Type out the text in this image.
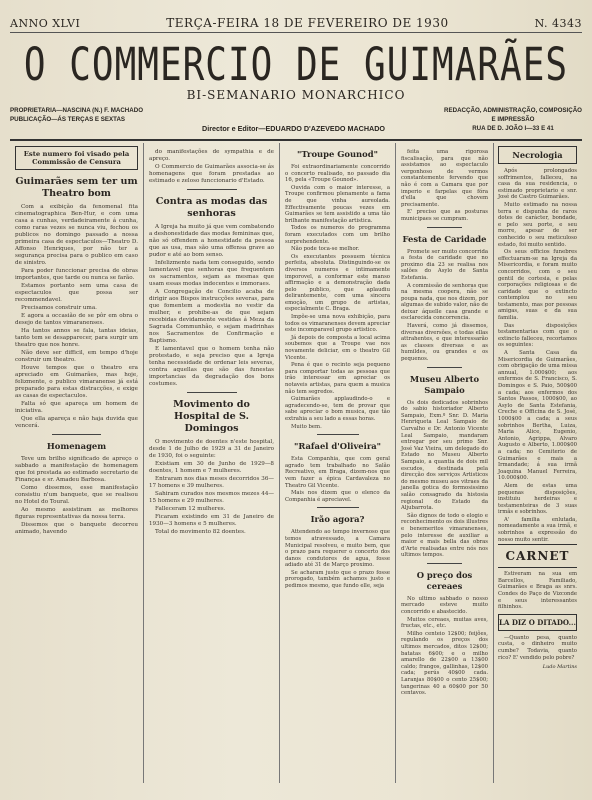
ANNO XLVI	TERÇA-FEIRA 18 DE FEVEREIRO DE 1930	N. 4343
O COMMERCIO DE GUIMARÃES
BI-SEMANARIO MONARCHICO
PROPRIETARIA—NASCINA (N.) F. MACHADO
PUBLICAÇÃO—ÁS TERÇAS E SEXTAS
Director e Editor—EDUARDO D'AZEVEDO MACHADO
REDACÇÃO, ADMINISTRAÇÃO, COMPOSIÇÃO
E IMPRESSÃO
RUA DE D. JOÃO I—33 E 41
Este numero foi visado pela Commissão de Censura
Guimarães sem ter um Theatro bom

Com a exibição da fenomenal fita cinematographica Ben-Hur, e com uma casa a cunhas, verdadeiramente á cunha, como raras vezes se nunca viu, fechou os publicos no domingo passado a nossa primeira casa de espectaculos—Theatro D. Affonso Henriques, por não ter a segurança precisa para o publico em caso de sinistro.

Para poder funccionar precisa de obras importantes, que tarde ou nunca se farão.

Estamos portanto sem uma casa de espectaculos que possa ser recommendavel.

Precisamos construir uma.

E agora a occasião de se pôr em obra o desejo de tantos vimaranenses.

Ha tantos annos se fala, tantas ideias, tanto tem se desapparecer, para surgir um theatro que nos honre.

Não deve ser difficil, em tempo d'hoje construir um theatro.

Houve tempos que o theatro era apreciado em Guimarães, mas hoje, felizmente, o publico vimaranense já está preparado para estas distracções, e exige as casas de espectaculos.

Falta só que apareça um homem de iniciativa.

Que ella apareça e não haja duvida que vencerá.

Homenagem

Teve um brilho significado de apreço o sabbado a manifestação de homenagem que foi prestada ao estimado secretario de Finanças e sr. Amadeu Barbosa.

Como dissemos, esse manifestação consistiu n'um banquete, que se realisou no Hotel do Toural.

Ao mesmo assistiram as melhores figuras representativas da nossa terra.

Dissemos que o banquete decorreu animado, havendo

do manifestações de sympathia e de apreço.

O Commercio de Guimarães associa-se ás homenagens que foram prestadas ao estimado e zeloso funccionario d'Estado.

Contra as modas das senhoras

A Igreja ha muito já que vem combatendo a deshonestidade das modas femininas que, não só offendem a honestidade da pessoa que as usa, mas são uma offensa grave ao pudor e até ao bom senso.

Infelizmente nada tem conseguido, sendo lamentavel que senhoras que frequentem os sacramentos, sejam as mesmas que usam essas modas indecentes e immoraes.

A Congregação de Concilio acaba de dirigir aos Bispos instrucções severas, para que fomentem a modestia no vestir da mulher, e prohibe-as de que sejam recebidas devidamente vestidas á Meza da Sagrada Communhão, e sejam madrinhas nos Sacramentos de Confirmação e Baptismo.

E lamentavel que o homem tenha não protestado, e seja preciso que a Igreja tenha necessidade de ordenar leis severas, contra aquellas que são das funestas importancias da degradação dos bons costumes.

Movimento do Hospital de S. Domingos

O movimento de doentes n'este hospital, desde 1 de Julho de 1929 a 31 de Janeiro de 1930, foi o seguinte:

Existiam em 30 de Junho de 1929—8 doentes, 1 homem e 7 mulheres.

Entraram nos dias meses decorridos 36—17 homens e 39 mulheres.

Sahiram curados nos mesmos mezes 44—15 homens e 29 mulheres.

Falleceram 12 mulheres.

Ficaram existindo em 31 de Janeiro de 1930—3 homens e 5 mulheres.

Total do movimento 82 doentes.

"Troupe Gounod"

Foi extraordinariamente concorrido o concerto realisado, no passado dia 16, pela «Troupe Gounod».

Ouvida com o maior interesse, a Troupe confirmou plenamente a fama de que vinha aureolada. Effectivamente poucas vezes em Guimarães se tem assistido a uma tão brilhante manifestação artistica.

Todos os numeros do programma foram executados com um brilho surprehendente.

Não pode toca-se melhor.

Os executantes possuem técnica perfeita, absoluta. Distinguindo-se os diversos numeros e intimamente imporovel, a conformar este manso affirmação e a demonstração dada pelo publico, que aplaudiu delirantemente, com uma sincera emoção, um grupo de artistas, especialmente C. Braga.

Impõe-se uma nova exhibição, para todos os vimaranenses devem apreciar este incomparavel grupo artistico.

Já depois de composta a local acima soubemos que a Troupe vae nos novamente deliciar, em o theatro Gil Vicente.

Pena é que o recinto seja pequeno para comportar todas as pessoas que irão interessar em apreciar os notaveis artistas, para quem a musica não tem segredos.

Guimarães applaudindo-o e agradecendo-se, tem de provar que sabe apreciar o bom musica, que tão extrahia a seu lado a essas horas.

Muito bem.

"Rafael d'Oliveira"

Esta Companhia, que com geral agrado tem trabalhado no Salão Recreativo, em Braga, dizem-nos que vem fazer a épica Cardavaleza no Theatro Gil Vicente.

Mais nos dizem que o elenco da Companhia é apreciavel.

Irão agora?

Attendendo ao tempo invernoso que temos atravessado, a Camara Municipal resolveu, e muito bem, que o prazo para requerer o concerto dos danos condutores de agua, fosse adiado até 31 de Março proximo.

Se acharam justo que o prazo fosse prorogado, também achamos justo e pedimos mesmo, que fundo elle, seja

feita uma rigorosa fiscalisação, para que não assistamos ao espectaculo vergonhoso de vermos constantemente fervendo que não é com a Camara que por imperio e farpelas que fóra d'ella que chovem precisamente.

E' preciso que as posturas municipaes se cumpram.

Festa de Caridade

Promete ser muito concorrida a festa de caridade que no proximo dia 23 se realisa nos salões do Asylo de Santa Estefania.

A commissão de senhoras que na mesma coopera, não se poupa nada, que nos dizem, por algumas de subido valor, não de deixar áquelle casa grande e esclarecida concorrencia.

Haverá, como já dissemos, diversas diversões, e todas ellas attrahentes, e que interessarão as classes diversas e as humildes, ou grandes e os pequenos.

Museu Alberto Sampaio

Os dois dedicados sobrinhos do sabio historiador Alberto Sampaio, Exm.º Snr. D. Maria Henriqueta Leal Sampaio de Carvalho e Dr. Antonio Vicente Leal Sampaio, mandaram entregar por seu primo Snr. José Vaz Vieira, um delegado do Estado no Museu Alberto Sampaio, a quantia de dois mil escudos, destinada pela direcção dos serviços Artisticos do mesmo museu aos vitraes da janella gotica do formosissimo salão consagrado da histosia regional do Estado da Aljubarrota.

São dignos de todo o elogio e reconhecimento os dois illustres e benemeritos vimaranenses, pelo interesse de auxiliar a maior e mais bella das obras d'Arte realisadas entre nós nos ultimos tempos.

O preço dos cereaes

No ultimo sabbado o nosso mercado esteve muito concorrido e abastecido.

Muitos cereaes, muitas aves, fructas, etc., etc.

Milho centeio 12$00; feijões, regulando os preços dos ultimos mercados, ditos 12$00; batatas 6$00; e o milho amarello de 22$00 a 13$00 caldo; frangos, gallinhas, 12$00 cada; perús 40$00 cada. Laranjas 80$00 o cento 25$00; tangerinas 40 a 60$00 por 50 centavos.

Necrologia

Após prolongados soffrimentos, falleceu, na casa da sua residencia, o estimado proprietario e snr. José de Castro Guimarães.

Muito estimado na nossa terra e dispunha de raros dotes de carácter, bondade, e pelo seu porte, e seu morre, apesar de ser conhecido o seu meticuloso estado, foi muito sentido.

Os seus officios funebres effectuaram-se na Igreja da Misericordia, e foram muito concorridos, com o seu gentil de cortesia, e pelas corporações religiosas e de caridade que o extincto contemplou no seu testamento, mas por pessoas amigas, suas e da sua familia.

Das disposições testamentarias com que o extincto falleceu, recortamos os seguintes:

A Santa Casa da Misericordia de Guimarães, com obrigação de uma missa annual, 1.000$00; aos enfermos de S. Francisco, S. Domingos e S. Paio, 500$00 a cada; aos enfermos dos Santos Passos, 1000$00, ao Asylo de Santa Estefania, Creche e Officina de S. José, 1000$00 a cada; a seus sobrinhos Bertha, Luiza, Maria Alice, Eugenio, Antonio, Agrippa, Alvaro Augusto e Alberto, 1.000$00 a cada; no Cemiterio de Guimarães e mais a Irmandade; á sua irmã Joaquina Manuel Ferreira, 10.000$00.

Alem de estas uma pequenas disposições, instituiu herdeiras e testamenteiras de 3 suas irmãs e sobrinhos.

A' familia enlutada, nomeadamente a sua irmã, e sobrinhos a expressão do nosso muito sentir.

CARNET

Estiveram na sua em Barcellos, Familiado, Guimarães e Braga as snrs. Condes do Paço de Vizconde e seus interessantes filhinhos.

LA DIZ O DITADO...

—Quanto pesa, quanto custa, o dinheiro muito cumbe? Todavia, quanto rico? E' vendido pelo pobre?

Ludo Martins
